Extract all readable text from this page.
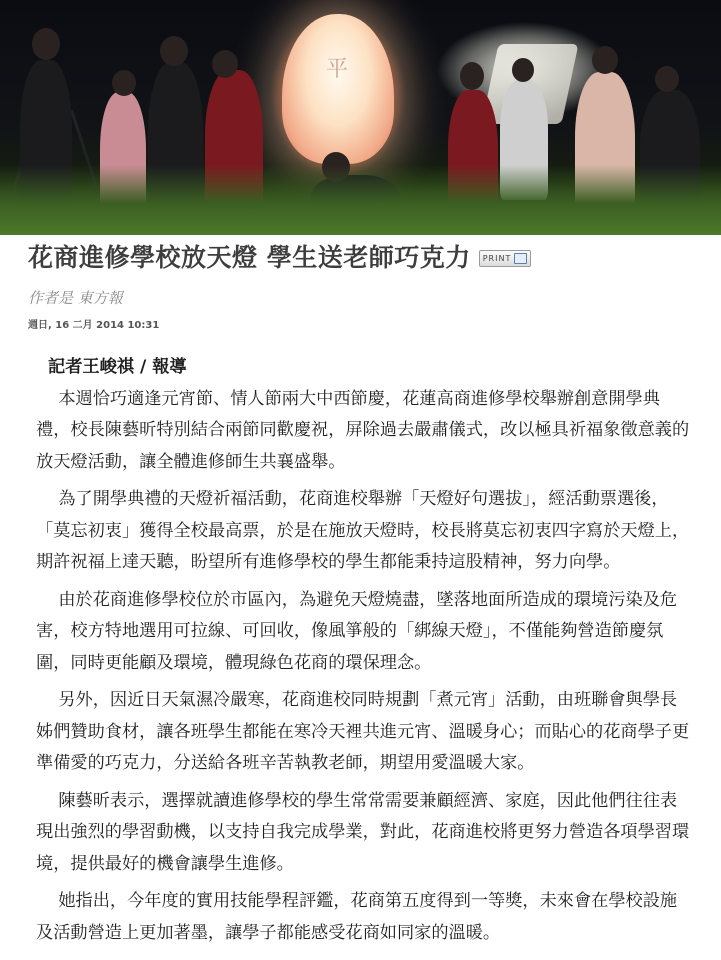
平
花商進修學校放天燈 學生送老師巧克力 PRINT
作者是 東方報
週日, 16 二月 2014 10:31

記者王峻祺 / 報導

本週恰巧適逢元宵節、情人節兩大中西節慶，花蓮高商進修學校舉辦創意開學典禮，校長陳藝昕特別結合兩節同歡慶祝，屏除過去嚴肅儀式，改以極具祈福象徵意義的放天燈活動，讓全體進修師生共襄盛舉。

為了開學典禮的天燈祈福活動，花商進校舉辦「天燈好句選拔」，經活動票選後，「莫忘初衷」獲得全校最高票，於是在施放天燈時，校長將莫忘初衷四字寫於天燈上，期許祝福上達天聽，盼望所有進修學校的學生都能秉持這股精神，努力向學。

由於花商進修學校位於市區內，為避免天燈燒盡，墜落地面所造成的環境污染及危害，校方特地選用可拉線、可回收，像風箏般的「綁線天燈」，不僅能夠營造節慶氛圍，同時更能顧及環境，體現綠色花商的環保理念。

另外，因近日天氣濕冷嚴寒，花商進校同時規劃「煮元宵」活動，由班聯會與學長姊們贊助食材，讓各班學生都能在寒冷天裡共進元宵、溫暖身心；而貼心的花商學子更準備愛的巧克力，分送給各班辛苦執教老師，期望用愛溫暖大家。

陳藝昕表示，選擇就讀進修學校的學生常常需要兼顧經濟、家庭，因此他們往往表現出強烈的學習動機，以支持自我完成學業，對此，花商進校將更努力營造各項學習環境，提供最好的機會讓學生進修。

她指出，今年度的實用技能學程評鑑，花商第五度得到一等獎，未來會在學校設施及活動營造上更加著墨，讓學子都能感受花商如同家的溫暖。
